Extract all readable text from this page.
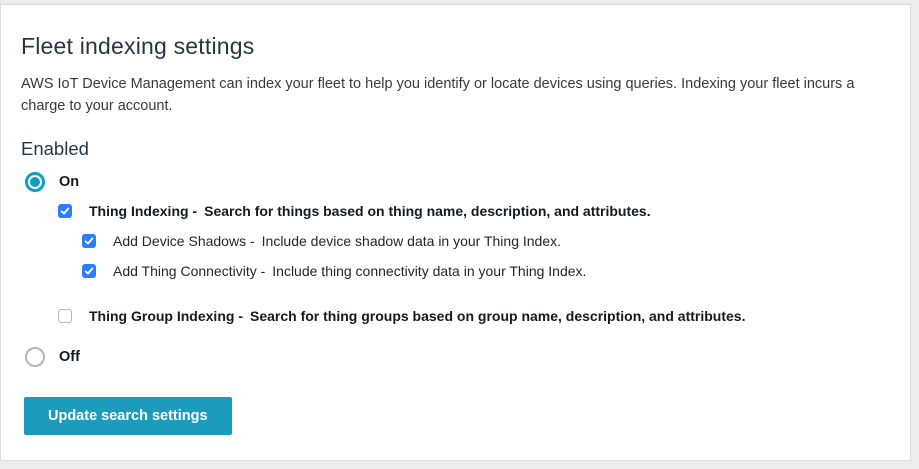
Fleet indexing settings

AWS IoT Device Management can index your fleet to help you identify or locate devices using queries. Indexing your fleet incurs a charge to your account.

Enabled
On
Thing Indexing - Search for things based on thing name, description, and attributes.
Add Device Shadows - Include device shadow data in your Thing Index.
Add Thing Connectivity - Include thing connectivity data in your Thing Index.
Thing Group Indexing - Search for thing groups based on group name, description, and attributes.
Off
Update search settings
